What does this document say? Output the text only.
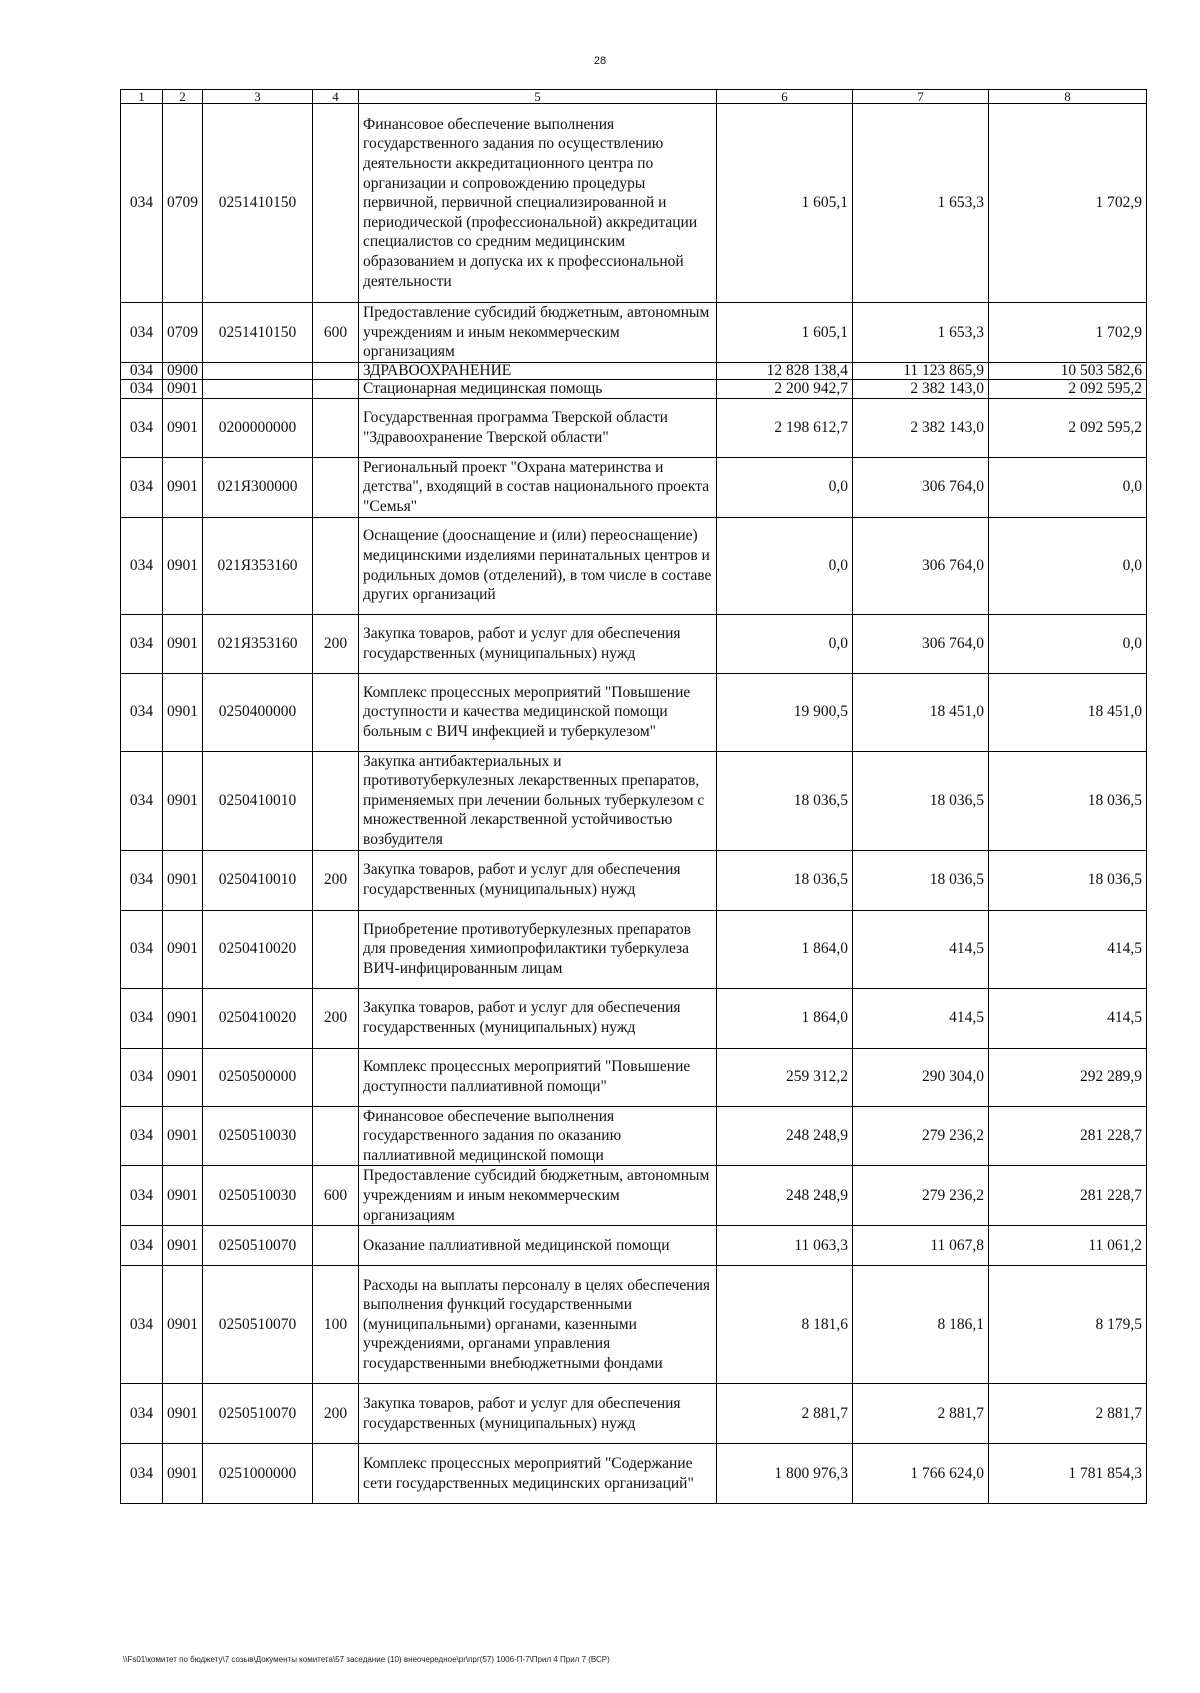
28
1	2	3	4	5	6	7	8
034	0709	0251410150		Финансовое обеспечение выполнения государственного задания по осуществлению деятельности аккредитационного центра по организации и сопровождению процедуры первичной, первичной специализированной и периодической (профессиональной) аккредитации специалистов со средним медицинским образованием и допуска их к профессиональной деятельности	1 605,1	1 653,3	1 702,9
034	0709	0251410150	600	Предоставление субсидий бюджетным, автономным учреждениям и иным некоммерческим организациям	1 605,1	1 653,3	1 702,9
034	0900			ЗДРАВООХРАНЕНИЕ	12 828 138,4	11 123 865,9	10 503 582,6
034	0901			Стационарная медицинская помощь	2 200 942,7	2 382 143,0	2 092 595,2
034	0901	0200000000		Государственная программа Тверской области "Здравоохранение Тверской области"	2 198 612,7	2 382 143,0	2 092 595,2
034	0901	021Я300000		Региональный проект "Охрана материнства и детства", входящий в состав национального проекта "Семья"	0,0	306 764,0	0,0
034	0901	021Я353160		Оснащение (дооснащение и (или) переоснащение) медицинскими изделиями перинатальных центров и родильных домов (отделений), в том числе в составе других организаций	0,0	306 764,0	0,0
034	0901	021Я353160	200	Закупка товаров, работ и услуг для обеспечения государственных (муниципальных) нужд	0,0	306 764,0	0,0
034	0901	0250400000		Комплекс процессных мероприятий "Повышение доступности и качества медицинской помощи больным с ВИЧ инфекцией и туберкулезом"	19 900,5	18 451,0	18 451,0
034	0901	0250410010		Закупка антибактериальных и противотуберкулезных лекарственных препаратов, применяемых при лечении больных туберкулезом с множественной лекарственной устойчивостью возбудителя	18 036,5	18 036,5	18 036,5
034	0901	0250410010	200	Закупка товаров, работ и услуг для обеспечения государственных (муниципальных) нужд	18 036,5	18 036,5	18 036,5
034	0901	0250410020		Приобретение противотуберкулезных препаратов для проведения химиопрофилактики туберкулеза ВИЧ-инфицированным лицам	1 864,0	414,5	414,5
034	0901	0250410020	200	Закупка товаров, работ и услуг для обеспечения государственных (муниципальных) нужд	1 864,0	414,5	414,5
034	0901	0250500000		Комплекс процессных мероприятий "Повышение доступности паллиативной помощи"	259 312,2	290 304,0	292 289,9
034	0901	0250510030		Финансовое обеспечение выполнения государственного задания по оказанию паллиативной медицинской помощи	248 248,9	279 236,2	281 228,7
034	0901	0250510030	600	Предоставление субсидий бюджетным, автономным учреждениям и иным некоммерческим организациям	248 248,9	279 236,2	281 228,7
034	0901	0250510070		Оказание паллиативной медицинской помощи	11 063,3	11 067,8	11 061,2
034	0901	0250510070	100	Расходы на выплаты персоналу в целях обеспечения выполнения функций государственными (муниципальными) органами, казенными учреждениями, органами управления государственными внебюджетными фондами	8 181,6	8 186,1	8 179,5
034	0901	0250510070	200	Закупка товаров, работ и услуг для обеспечения государственных (муниципальных) нужд	2 881,7	2 881,7	2 881,7
034	0901	0251000000		Комплекс процессных мероприятий "Содержание сети государственных медицинских организаций"	1 800 976,3	1 766 624,0	1 781 854,3
\\Fs01\комитет по бюджету\7 созыв\Документы комитета\57 заседание (10) внеочередное\pr\прг(57) 1006-П-7\Прил 4 Прил 7 (ВСР)
